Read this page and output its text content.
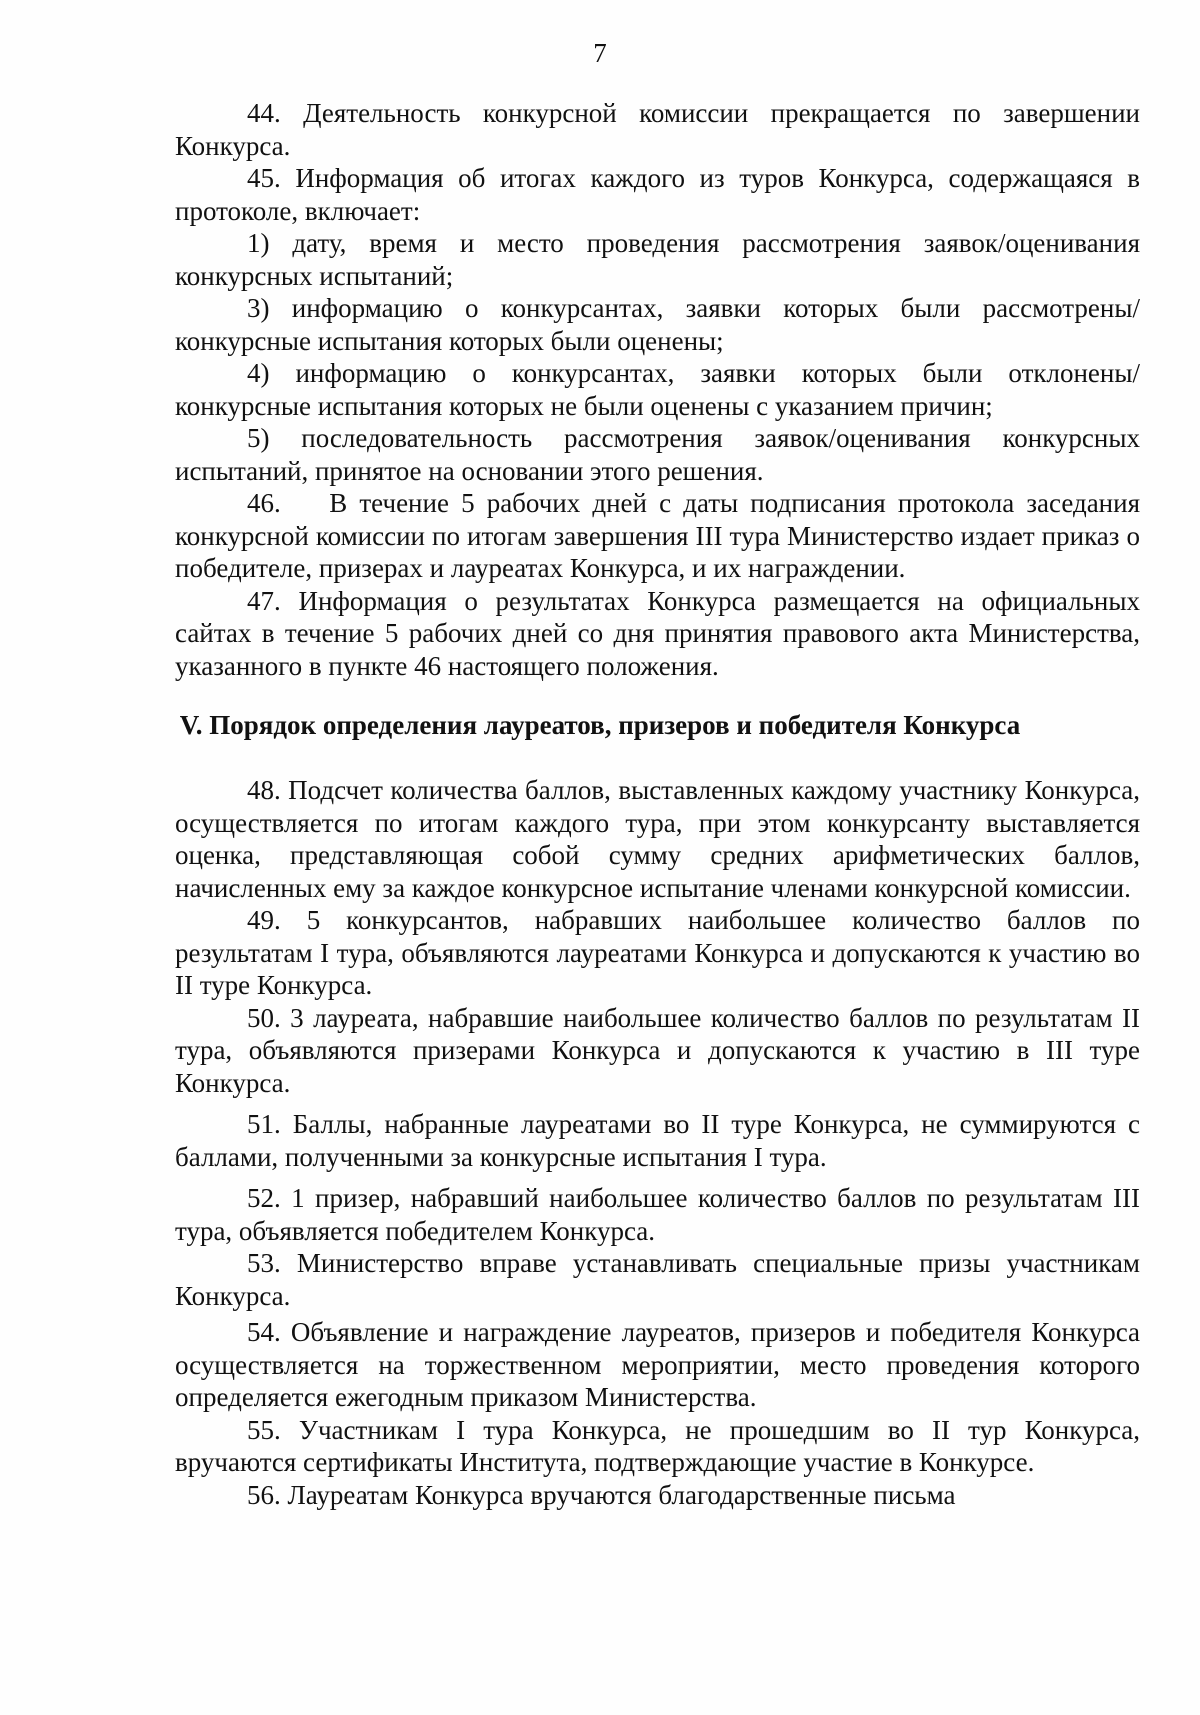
7

44. Деятельность конкурсной комиссии прекращается по завершении Конкурса.

45. Информация об итогах каждого из туров Конкурса, содержащаяся в протоколе, включает:

1) дату, время и место проведения рассмотрения заявок/оценивания конкурсных испытаний;

3) информацию о конкурсантах, заявки которых были рассмотрены/ конкурсные испытания которых были оценены;

4) информацию о конкурсантах, заявки которых были отклонены/ конкурсные испытания которых не были оценены с указанием причин;

5) последовательность рассмотрения заявок/оценивания конкурсных испытаний, принятое на основании этого решения.

46.    В течение 5 рабочих дней с даты подписания протокола заседания конкурсной комиссии по итогам завершения III тура Министерство издает приказ о победителе, призерах и лауреатах Конкурса, и их награждении.

47. Информация о результатах Конкурса размещается на официальных сайтах в течение 5 рабочих дней со дня принятия правового акта Министерства, указанного в пункте 46 настоящего положения.

V. Порядок определения лауреатов, призеров и победителя Конкурса

48. Подсчет количества баллов, выставленных каждому участнику Конкурса, осуществляется по итогам каждого тура, при этом конкурсанту выставляется оценка, представляющая собой сумму средних арифметических баллов, начисленных ему за каждое конкурсное испытание членами конкурсной комиссии.

49. 5 конкурсантов, набравших наибольшее количество баллов по результатам I тура, объявляются лауреатами Конкурса и допускаются к участию во II туре Конкурса.

50. 3 лауреата, набравшие наибольшее количество баллов по результатам II тура, объявляются призерами Конкурса и допускаются к участию в III туре Конкурса.

51. Баллы, набранные лауреатами во II туре Конкурса, не суммируются с баллами, полученными за конкурсные испытания I тура.

52. 1 призер, набравший наибольшее количество баллов по результатам III тура, объявляется победителем Конкурса.

53. Министерство вправе устанавливать специальные призы участникам Конкурса.

54. Объявление и награждение лауреатов, призеров и победителя Конкурса осуществляется на торжественном мероприятии, место проведения которого определяется ежегодным приказом Министерства.

55. Участникам I тура Конкурса, не прошедшим во II тур Конкурса, вручаются сертификаты Института, подтверждающие участие в Конкурсе.

56. Лауреатам Конкурса вручаются благодарственные письма
